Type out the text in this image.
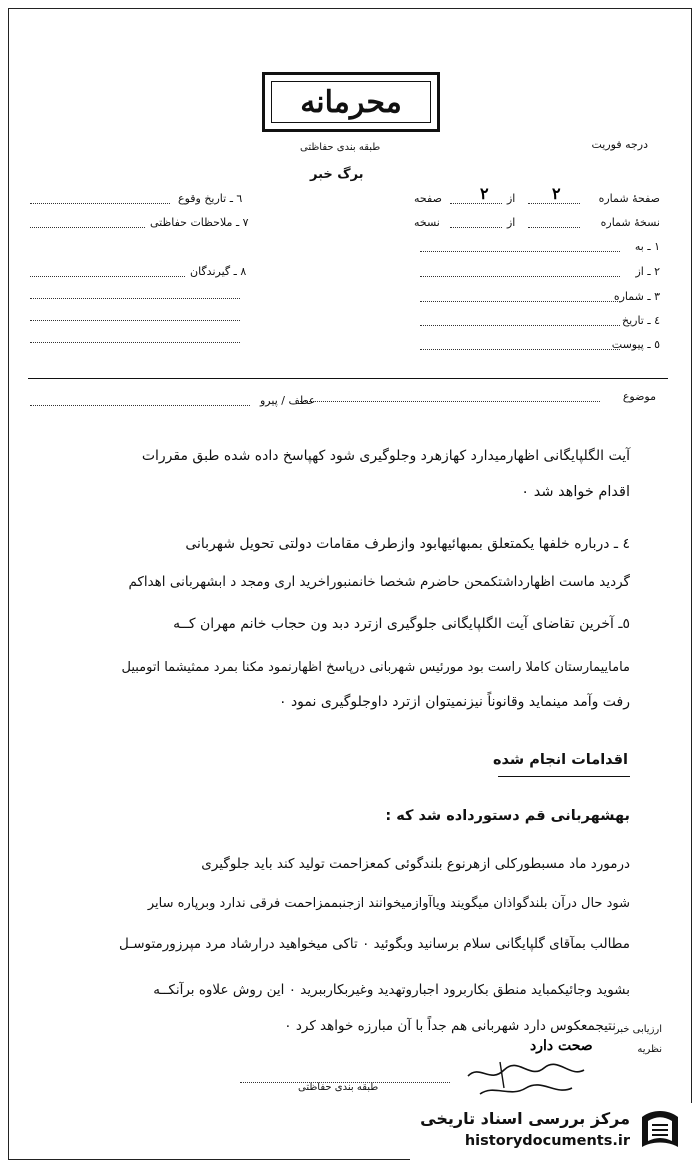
محرمانه
طبقه بندی حفاظتی	درجه فوریت
برگ خبر
صفحهٔ شماره
۲
از
۲
صفحه
نسخهٔ شماره
از
نسخه
۱ ـ به
۲ ـ از
۳ ـ شماره
٤ ـ تاریخ
٥ ـ پیوست
٦ ـ تاریخ وقوع
۷ ـ ملاحظات حفاظتی
۸ ـ گیرندگان
موضوع
عطف / پیرو
آیت الگلپایگانی اظهارمیدارد کهازهرد وجلوگیری شود کهپاسخ داده شده طبق مقررات
اقدام خواهد شد ۰
٤ ـ درباره خلفها یکمتعلق بمبهائیهابود وازطرف مقامات دولتی تحویل شهربانی
گردید ماست اظهارداشتکمحن حاضرم شخصا خانمنبوراخرید اری ومجد د ابشهربانی اهداکم
٥ـ آخرین تقاضای آیت الگلپایگانی جلوگیری ازترد دبد ون حجاب خانم مهران کــه
ماماییمارستان کاملا راست بود مورئیس شهربانی درپاسخ اظهارنمود مکنا بمرد ممثیشما اتومبیل
رفت وآمد مینماید وقانوناً نیزنمیتوان ازترد داوجلوگیری نمود ۰
اقدامات انجام شده
بهشهربانی قم دستورداده شد که :
درمورد ماد مسبطورکلی ازهرنوع بلندگوئی کمعزاحمت تولید کند باید جلوگیری
شود حال درآن بلندگواذان میگویند ویاآوازمیخوانند ازجنبممزاحمت فرقی ندارد وبرپاره سایر
مطالب بمآقای گلپایگانی سلام برسانید وبگوئید ۰ تاکی میخواهید درارشاد مرد مپرزورمتوسـل
بشوید وجائیکمباید منطق بکاربرود اجباروتهدید وغیربکارببرید ۰ این روش علاوه برآنکــه
نتیجمعکوس دارد شهربانی هم جداً با آن مبارزه خواهد کرد ۰
ارزیابی خبر
نظریه
صحت دارد
طبقه بندی حفاظتی
مرکز بررسی اسناد تاریخی
historydocuments.ir
